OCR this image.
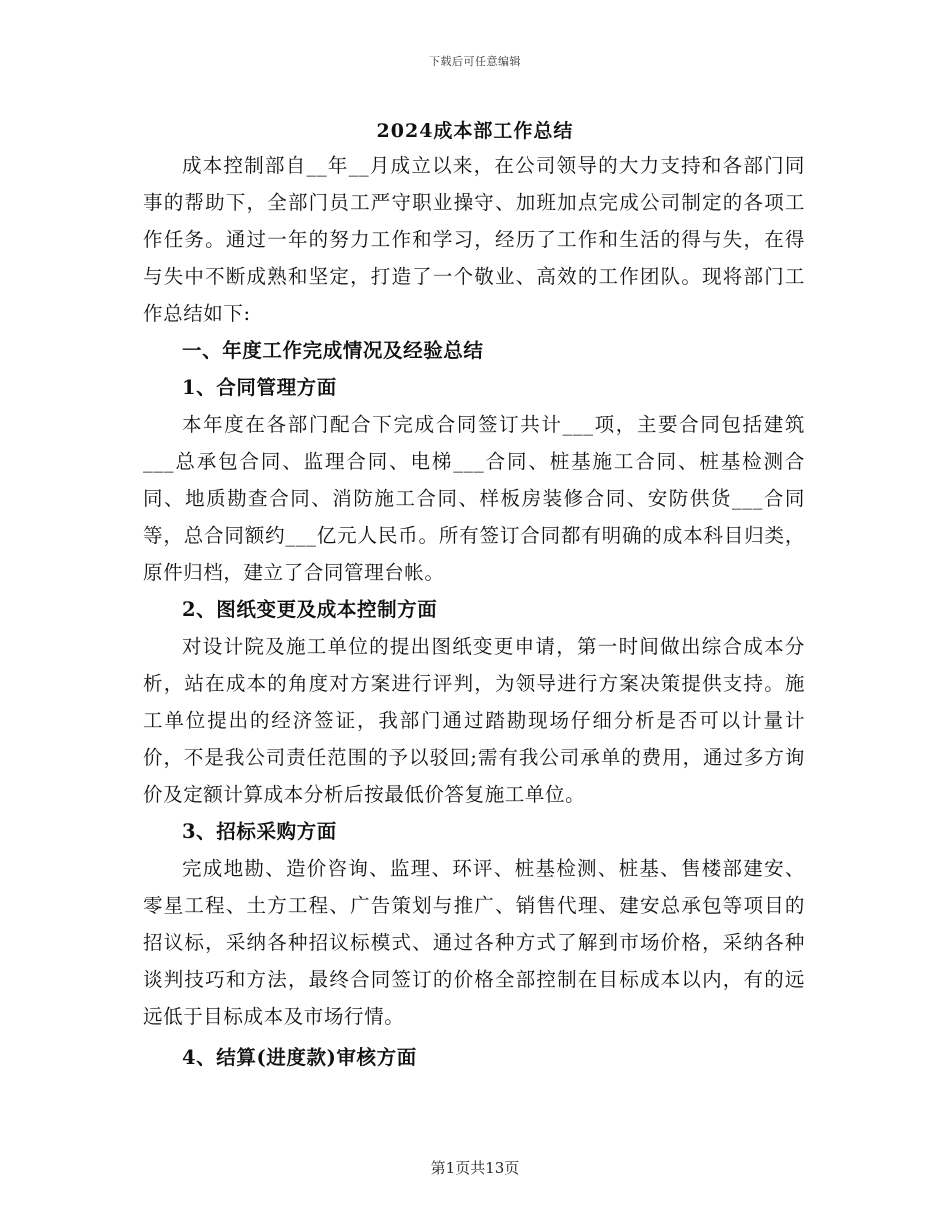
下载后可任意编辑
2024成本部工作总结

成本控制部自__年__月成立以来，在公司领导的大力支持和各部门同事的帮助下，全部门员工严守职业操守、加班加点完成公司制定的各项工作任务。通过一年的努力工作和学习，经历了工作和生活的得与失，在得与失中不断成熟和坚定，打造了一个敬业、高效的工作团队。现将部门工作总结如下:

一、年度工作完成情况及经验总结
1、合同管理方面

本年度在各部门配合下完成合同签订共计___项，主要合同包括建筑___总承包合同、监理合同、电梯___合同、桩基施工合同、桩基检测合同、地质勘查合同、消防施工合同、样板房装修合同、安防供货___合同等，总合同额约___亿元人民币。所有签订合同都有明确的成本科目归类，原件归档，建立了合同管理台帐。

2、图纸变更及成本控制方面

对设计院及施工单位的提出图纸变更申请，第一时间做出综合成本分析，站在成本的角度对方案进行评判，为领导进行方案决策提供支持。施工单位提出的经济签证，我部门通过踏勘现场仔细分析是否可以计量计价，不是我公司责任范围的予以驳回;需有我公司承单的费用，通过多方询价及定额计算成本分析后按最低价答复施工单位。

3、招标采购方面

完成地勘、造价咨询、监理、环评、桩基检测、桩基、售楼部建安、零星工程、土方工程、广告策划与推广、销售代理、建安总承包等项目的招议标，采纳各种招议标模式、通过各种方式了解到市场价格，采纳各种谈判技巧和方法，最终合同签订的价格全部控制在目标成本以内，有的远远低于目标成本及市场行情。

4、结算(进度款)审核方面
第1页共13页
